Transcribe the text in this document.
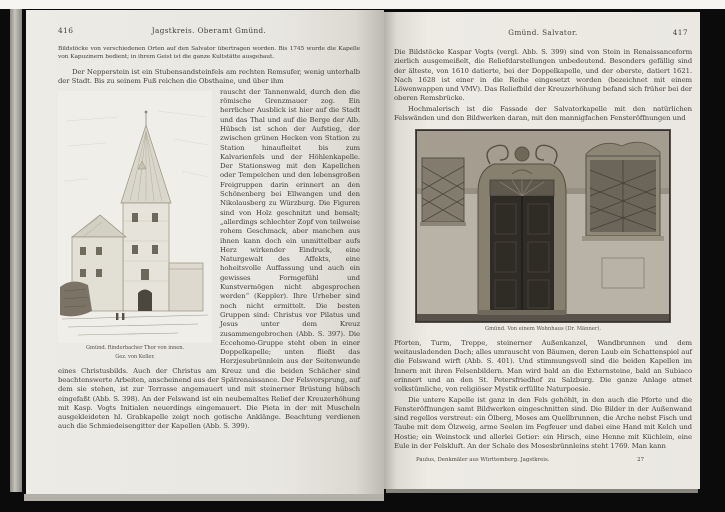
416	Jagstkreis. Oberamt Gmünd.
Bildstöcke von verschiedenen Orten auf den Salvator übertragen worden. Bis 1745 wurde die Kapelle von Kapuzinern bedient; in ihrem Geist ist die ganze Kultstätte ausgebaut.
Der Nepperstein ist ein Stubensandsteinfels am rechten Remsufer, wenig unterhalb der Stadt. Bis zu seinem Fuß reichen die Obsthaine, und über ihm
Gmünd. Rinderbacher Thor von innen.
Gez. von Keller.
rauscht der Tannenwald, durch den die römische Grenzmauer zog. Ein herrlicher Ausblick ist hier auf die Stadt und das Thal und auf die Berge der Alb. Hübsch ist schon der Aufstieg, der zwischen grünen Hecken von Station zu Station hinaufleitet bis zum Kalvarienfels und der Höhlenkapelle. Der Stationsweg mit den Kapellchen oder Tempelchen und den lebensgroßen Freigruppen darin erinnert an den Schönenberg bei Ellwangen und den Nikolausberg zu Würzburg. Die Figuren sind von Holz geschnitzt und bemalt; „allerdings schlechter Zopf von teilweise rohem Geschmack, aber manchen aus ihnen kann doch ein unmittelbar aufs Herz wirkender Eindruck, eine Naturgewalt des Affekts, eine hoheitsvolle Auffassung und auch ein gewisses Formgefühl und Kunstvermögen nicht abgesprochen werden“ (Keppler). Ihre Urheber sind noch nicht ermittelt. Die besten Gruppen sind: Christus vor Pilatus und Jesus unter dem Kreuz zusammengebrochen (Abb. S. 397). Die Eccehomo-Gruppe steht oben in einer Doppelkapelle; unten fließt das Herzjesubrünnlein aus der Seitenwunde eines Christusbilds. Auch der Christus am Kreuz und die beiden Schächer sind beachtenswerte Arbeiten, anscheinend aus der Spätrenaissance. Der Felsvorsprung, auf dem sie stehen, ist zur Terrasse angemauert und mit steinerner Brüstung hübsch eingefaßt (Abb. S. 398). An der Felswand ist ein neubemaltes Relief der Kreuzerhöhung mit Kasp. Vogts Initialen neuerdings eingemauert. Die Pieta in der mit Muscheln ausgekleideten hl. Grabkapelle zeigt noch gotische Anklänge. Beachtung verdienen auch die Schmiedeisengitter der Kapellen (Abb. S. 399).
Gmünd. Salvator.	417
Die Bildstöcke Kaspar Vogts (vergl. Abb. S. 399) sind von Stein in Renaissanceform zierlich ausgemeißelt, die Reliefdarstellungen unbedeutend. Besonders gefällig sind der älteste, von 1610 datierte, bei der Doppelkapelle, und der oberste, datiert 1621. Nach 1628 ist einer in die Reihe eingesetzt worden (bezeichnet mit einem Löwenwappen und VMV). Das Reliefbild der Kreuzerhöhung befand sich früher bei der oberen Remsbrücke.
Hochmalerisch ist die Fassade der Salvatorkapelle mit den natürlichen Felswänden und den Bildwerken daran, mit den mannigfachen Fensteröffnungen und
Gmünd. Von einem Wohnhaus (Dr. Männer).
Pforten, Turm, Treppe, steinerner Außenkanzel, Wandbrunnen und dem weitausladenden Dach; alles umrauscht von Bäumen, deren Laub ein Schattenspiel auf die Felswand wirft (Abb. S. 401). Und stimmungsvoll sind die beiden Kapellen im Innern mit ihren Felsenbildern. Man wird bald an die Externsteine, bald an Subiaco erinnert und an den St. Petersfriedhof zu Salzburg. Die ganze Anlage atmet volkstümliche, von religiöser Mystik erfüllte Naturpoesie.
Die untere Kapelle ist ganz in den Fels gehöhlt, in den auch die Pforte und die Fensteröffnungen samt Bildwerken eingeschnitten sind. Die Bilder in der Außenwand sind regellos verstreut: ein Ölberg, Moses am Quellbrunnen, die Arche nebst Fisch und Taube mit dem Ölzweig, arme Seelen im Fegfeuer und dabei eine Hand mit Kelch und Hostie; ein Weinstock und allerlei Getier: ein Hirsch, eine Henne mit Küchlein, eine Eule in der Felskluft. An der Schale des Mosesbrünnleins steht 1769. Man kann
Paulus, Denkmäler aus Württemberg. Jagstkreis.	27
